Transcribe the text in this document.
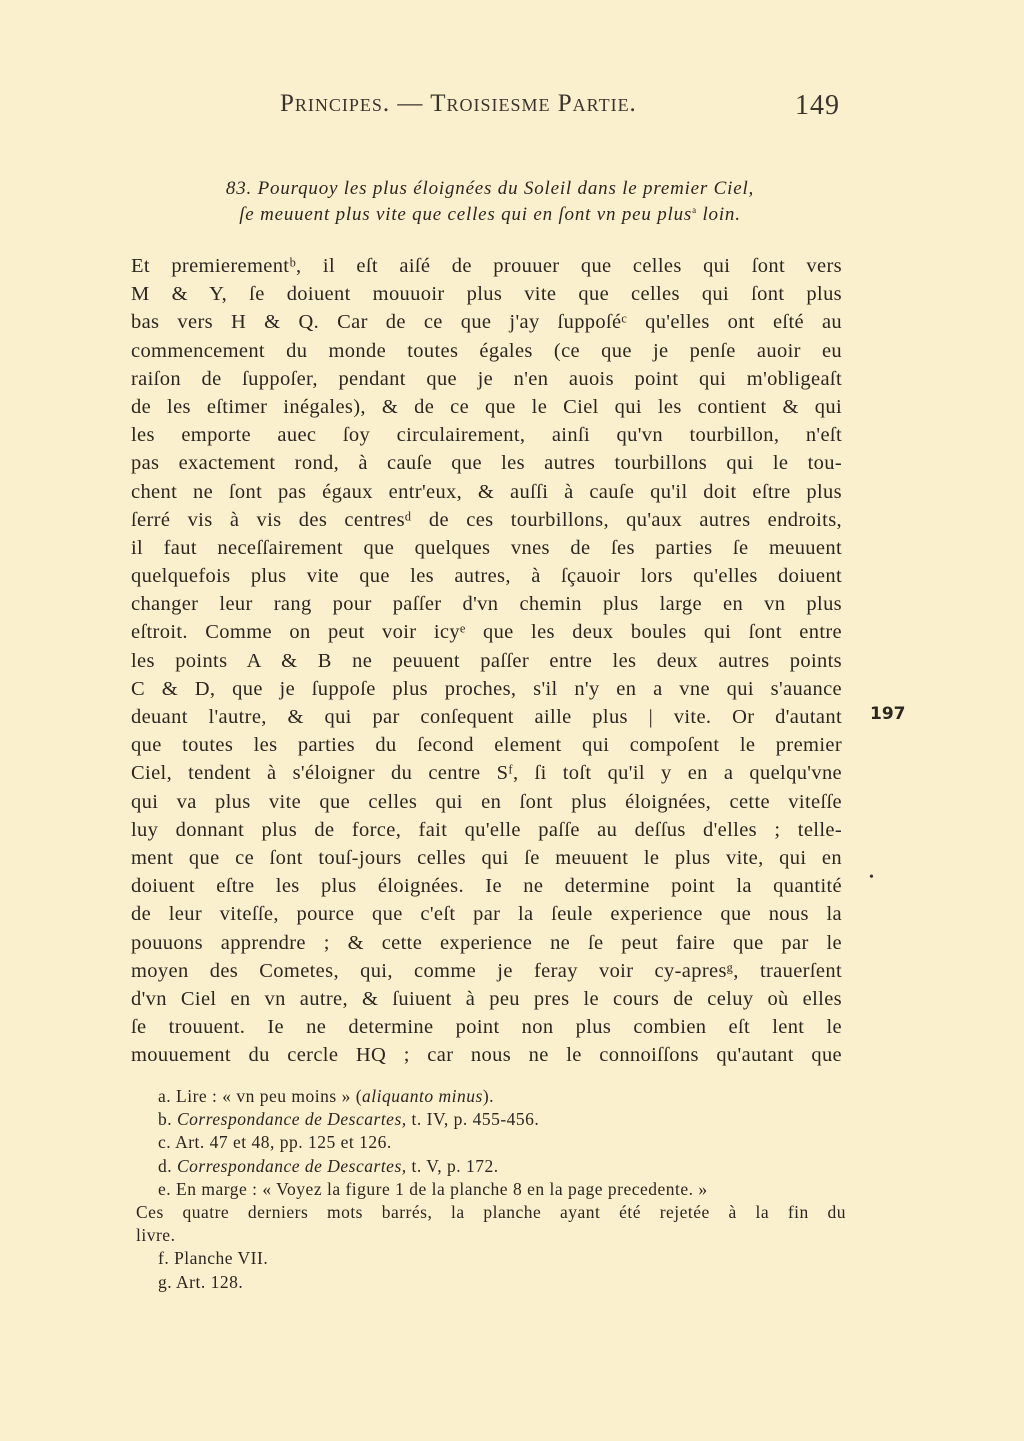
Principes. — Troisiesme Partie.	149
83. Pourquoy les plus éloignées du Soleil dans le premier Ciel,
ſe meuuent plus vite que celles qui en ſont vn peu plus$^a$ loin.
Et premierementᵇ, il eſt aiſé de prouuer que celles qui ſont vers
M & Y, ſe doiuent mouuoir plus vite que celles qui ſont plus
bas vers H & Q. Car de ce que j'ay ſuppoſéᶜ qu'elles ont eſté au
commencement du monde toutes égales (ce que je penſe auoir eu
raiſon de ſuppoſer, pendant que je n'en auois point qui m'obligeaſt
de les eſtimer inégales), & de ce que le Ciel qui les contient & qui
les emporte auec ſoy circulairement, ainſi qu'vn tourbillon, n'eſt
pas exactement rond, à cauſe que les autres tourbillons qui le tou-
chent ne ſont pas égaux entr'eux, & auſſi à cauſe qu'il doit eſtre plus
ſerré vis à vis des centresᵈ de ces tourbillons, qu'aux autres endroits,
il faut neceſſairement que quelques vnes de ſes parties ſe meuuent
quelquefois plus vite que les autres, à ſçauoir lors qu'elles doiuent
changer leur rang pour paſſer d'vn chemin plus large en vn plus
eſtroit. Comme on peut voir icyᵉ que les deux boules qui ſont entre
les points A & B ne peuuent paſſer entre les deux autres points
C & D, que je ſuppoſe plus proches, s'il n'y en a vne qui s'auance
deuant l'autre, & qui par conſequent aille plus | vite. Or d'autant
que toutes les parties du ſecond element qui compoſent le premier
Ciel, tendent à s'éloigner du centre Sᶠ, ſi toſt qu'il y en a quelqu'vne
qui va plus vite que celles qui en ſont plus éloignées, cette viteſſe
luy donnant plus de force, fait qu'elle paſſe au deſſus d'elles ; telle-
ment que ce ſont touſ-jours celles qui ſe meuuent le plus vite, qui en
doiuent eſtre les plus éloignées. Ie ne determine point la quantité
de leur viteſſe, pource que c'eſt par la ſeule experience que nous la
pouuons apprendre ; & cette experience ne ſe peut faire que par le
moyen des Cometes, qui, comme je feray voir cy-apresᵍ, trauerſent
d'vn Ciel en vn autre, & ſuiuent à peu pres le cours de celuy où elles
ſe trouuent. Ie ne determine point non plus combien eſt lent le
mouuement du cercle HQ ; car nous ne le connoiſſons qu'autant que
197
•
a. Lire : « vn peu moins » (aliquanto minus).
b. Correspondance de Descartes, t. IV, p. 455-456.
c. Art. 47 et 48, pp. 125 et 126.
d. Correspondance de Descartes, t. V, p. 172.
e. En marge : « Voyez la figure 1 de la planche 8 en la page precedente. »
Ces quatre derniers mots barrés, la planche ayant été rejetée à la fin du
livre.
f. Planche VII.
g. Art. 128.
